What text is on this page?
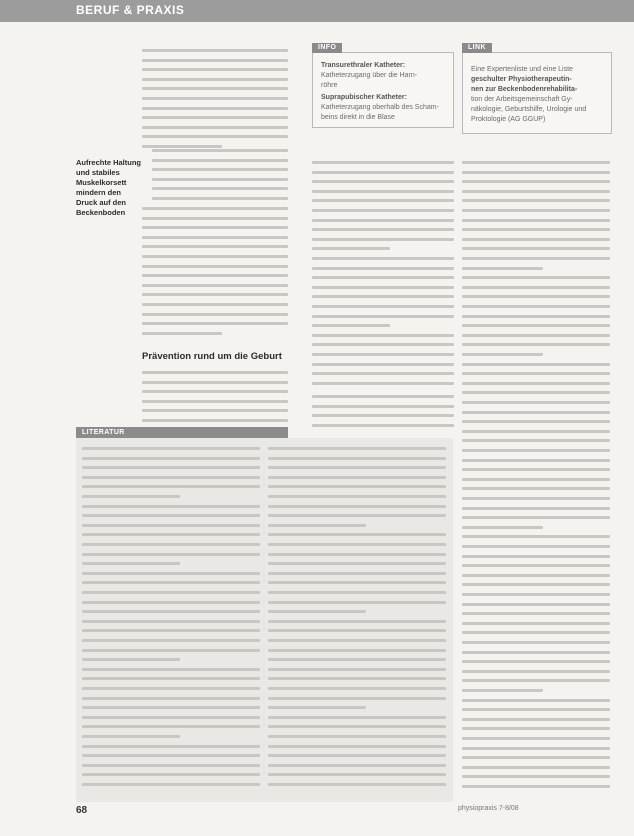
BERUF & PRAXIS
Aufrechte Haltung
und stabiles
Muskelkorsett
mindern den
Druck auf den
Beckenboden
Prävention rund um die Geburt
INFO
Transurethraler Katheter:
Katheterzugang über die Harn-
röhre
Suprapubischer Katheter:
Katheterzugang oberhalb des Scham-
beins direkt in die Blase
LINK
Eine Expertenliste und eine Liste
geschulter Physiotherapeutin-
nen zur Beckenbodenrehabilita-
tion der Arbeitsgemeinschaft Gy-
näkologie, Geburtshilfe, Urologie und
Proktologie (AG GGUP)
LITERATUR
68	physiopraxis 7-8/08
